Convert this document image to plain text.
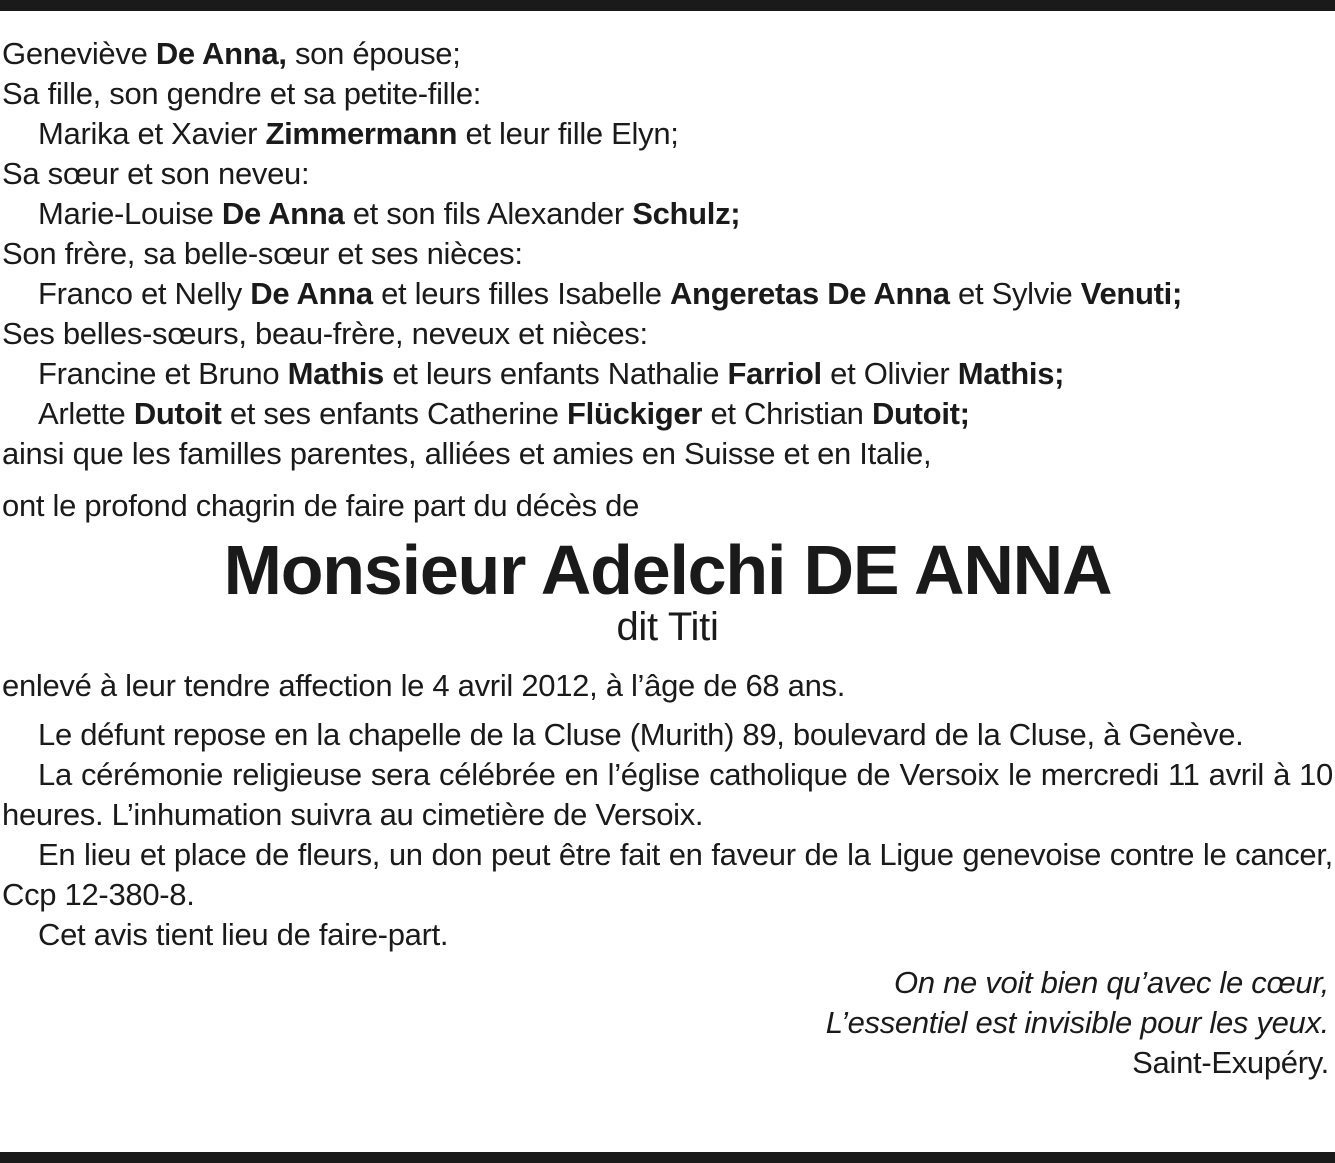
Geneviève De Anna, son épouse;
Sa fille, son gendre et sa petite-fille:
Marika et Xavier Zimmermann et leur fille Elyn;
Sa sœur et son neveu:
Marie-Louise De Anna et son fils Alexander Schulz;
Son frère, sa belle-sœur et ses nièces:
Franco et Nelly De Anna et leurs filles Isabelle Angeretas De Anna et Sylvie Venuti;
Ses belles-sœurs, beau-frère, neveux et nièces:
Francine et Bruno Mathis et leurs enfants Nathalie Farriol et Olivier Mathis;
Arlette Dutoit et ses enfants Catherine Flückiger et Christian Dutoit;
ainsi que les familles parentes, alliées et amies en Suisse et en Italie,
ont le profond chagrin de faire part du décès de
Monsieur Adelchi DE ANNA
dit Titi
enlevé à leur tendre affection le 4 avril 2012, à l’âge de 68 ans.

Le défunt repose en la chapelle de la Cluse (Murith) 89, boulevard de la Cluse, à Genève.

La cérémonie religieuse sera célébrée en l’église catholique de Versoix le mercredi 11 avril à 10 heures. L’inhumation suivra au cimetière de Versoix.

En lieu et place de fleurs, un don peut être fait en faveur de la Ligue genevoise contre le cancer, Ccp 12-380-8.

Cet avis tient lieu de faire-part.

On ne voit bien qu’avec le cœur,
L’essentiel est invisible pour les yeux.
Saint-Exupéry.
